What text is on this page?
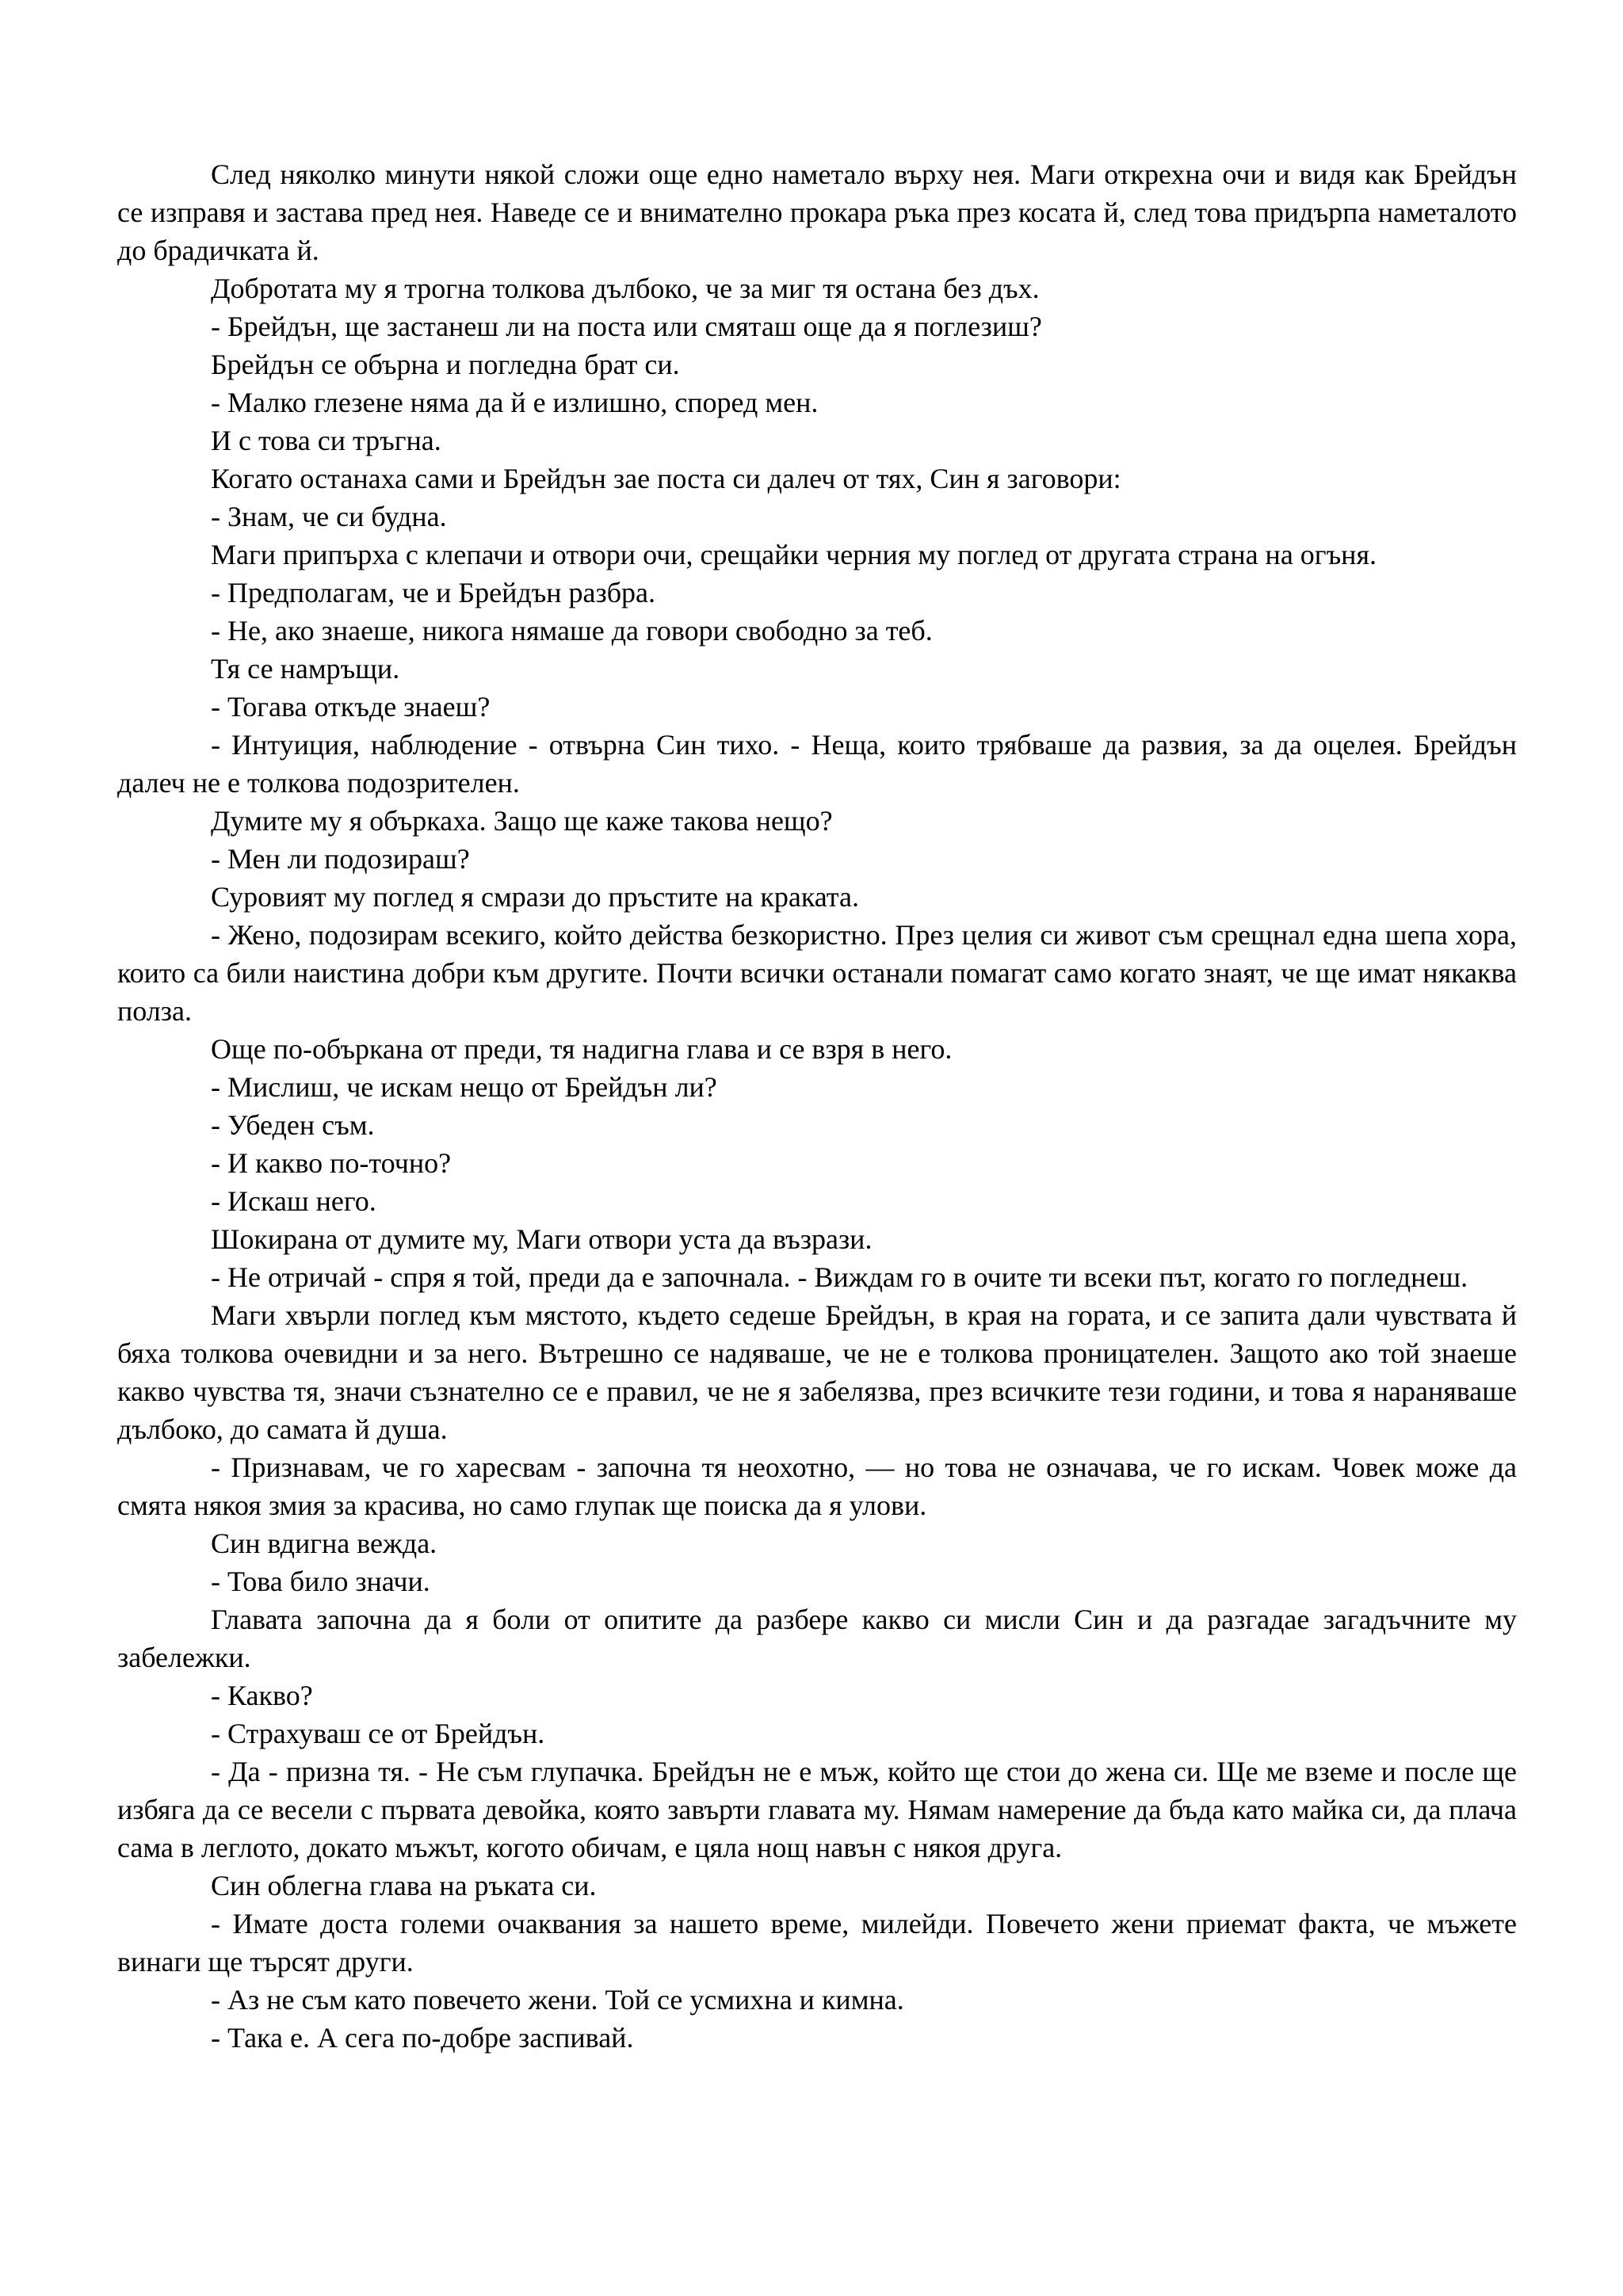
След няколко минути някой сложи още едно наметало върху нея. Маги открехна очи и видя как Брейдън се изправя и застава пред нея. Наведе се и внимателно прокара ръка през косата й, след това придърпа наметалото до брадичката й.

Добротата му я трогна толкова дълбоко, че за миг тя остана без дъх.

- Брейдън, ще застанеш ли на поста или смяташ още да я поглезиш?

Брейдън се обърна и погледна брат си.

- Малко глезене няма да й е излишно, според мен.

И с това си тръгна.

Когато останаха сами и Брейдън зае поста си далеч от тях, Син я заговори:

- Знам, че си будна.

Маги припърха с клепачи и отвори очи, срещайки черния му поглед от другата страна на огъня.

- Предполагам, че и Брейдън разбра.

- Не, ако знаеше, никога нямаше да говори свободно за теб.

Тя се намръщи.

- Тогава откъде знаеш?

- Интуиция, наблюдение - отвърна Син тихо. - Неща, които трябваше да развия, за да оцелея. Брейдън далеч не е толкова подозрителен.

Думите му я объркаха. Защо ще каже такова нещо?

- Мен ли подозираш?

Суровият му поглед я смрази до пръстите на краката.

- Жено, подозирам всекиго, който действа безкористно. През целия си живот съм срещнал една шепа хора, които са били наистина добри към другите. Почти всички останали помагат само когато знаят, че ще имат някаква полза.

Още по-объркана от преди, тя надигна глава и се взря в него.

- Мислиш, че искам нещо от Брейдън ли?

- Убеден съм.

- И какво по-точно?

- Искаш него.

Шокирана от думите му, Маги отвори уста да възрази.

- Не отричай - спря я той, преди да е започнала. - Виждам го в очите ти всеки път, когато го погледнеш.

Маги хвърли поглед към мястото, където седеше Брейдън, в края на гората, и се запита дали чувствата й бяха толкова очевидни и за него. Вътрешно се надяваше, че не е толкова проницателен. Защото ако той знаеше какво чувства тя, значи съзнателно се е правил, че не я забелязва, през всичките тези години, и това я нараняваше дълбоко, до самата й душа.

- Признавам, че го харесвам - започна тя неохотно, — но това не означава, че го искам. Човек може да смята някоя змия за красива, но само глупак ще поиска да я улови.

Син вдигна вежда.

- Това било значи.

Главата започна да я боли от опитите да разбере какво си мисли Син и да разгадае загадъчните му забележки.

- Какво?

- Страхуваш се от Брейдън.

- Да - призна тя. - Не съм глупачка. Брейдън не е мъж, който ще стои до жена си. Ще ме вземе и после ще избяга да се весели с първата девойка, която завърти главата му. Нямам намерение да бъда като майка си, да плача сама в леглото, докато мъжът, когото обичам, е цяла нощ навън с някоя друга.

Син облегна глава на ръката си.

- Имате доста големи очаквания за нашето време, милейди. Повечето жени приемат факта, че мъжете винаги ще търсят други.

- Аз не съм като повечето жени. Той се усмихна и кимна.

- Така е. А сега по-добре заспивай.
